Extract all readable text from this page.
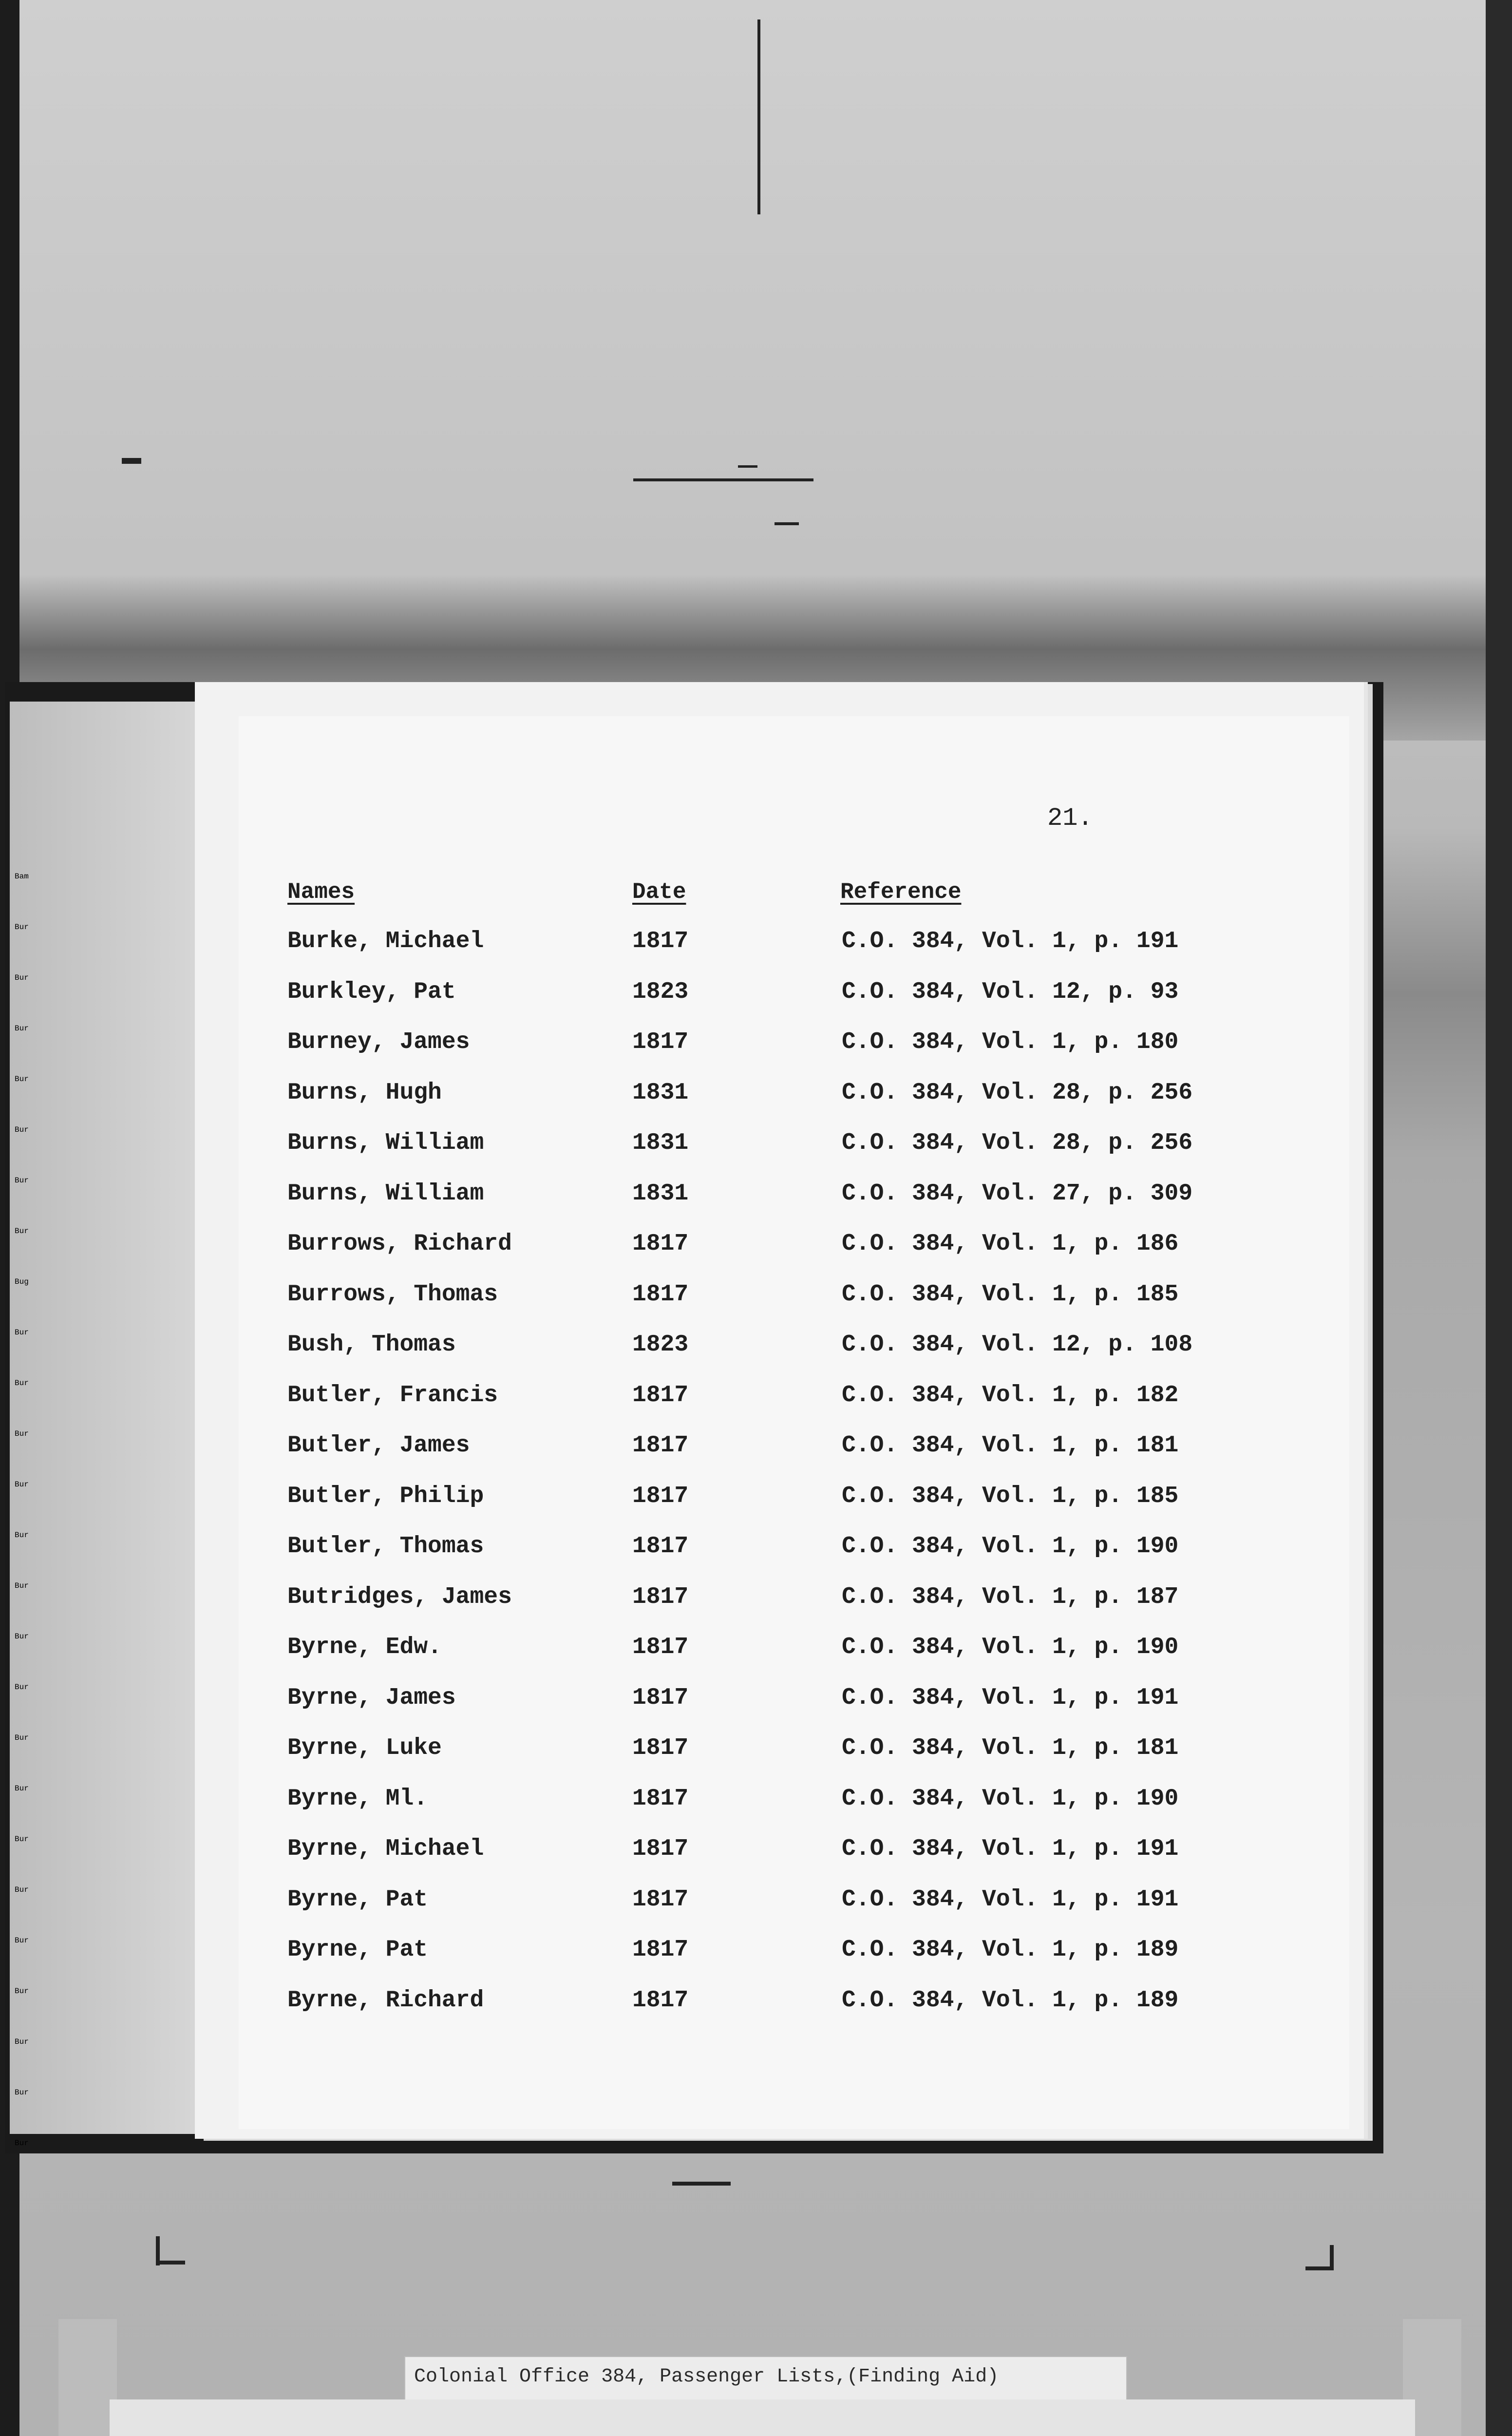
Bam
Bur
Bur
Bur
Bur
Bur
Bur
Bur
Bug
Bur
Bur
Bur
Bur
Bur
Bur
Bur
Bur
Bur
Bur
Bur
Bur
Bur
Bur
Bur
Bur
Bur
21.
Names	Date	Reference
Burke, Michael	1817	C.O. 384, Vol. 1, p. 191
Burkley, Pat	1823	C.O. 384, Vol. 12, p. 93
Burney, James	1817	C.O. 384, Vol. 1, p. 180
Burns, Hugh	1831	C.O. 384, Vol. 28, p. 256
Burns, William	1831	C.O. 384, Vol. 28, p. 256
Burns, William	1831	C.O. 384, Vol. 27, p. 309
Burrows, Richard	1817	C.O. 384, Vol. 1, p. 186
Burrows, Thomas	1817	C.O. 384, Vol. 1, p. 185
Bush, Thomas	1823	C.O. 384, Vol. 12, p. 108
Butler, Francis	1817	C.O. 384, Vol. 1, p. 182
Butler, James	1817	C.O. 384, Vol. 1, p. 181
Butler, Philip	1817	C.O. 384, Vol. 1, p. 185
Butler, Thomas	1817	C.O. 384, Vol. 1, p. 190
Butridges, James	1817	C.O. 384, Vol. 1, p. 187
Byrne, Edw.	1817	C.O. 384, Vol. 1, p. 190
Byrne, James	1817	C.O. 384, Vol. 1, p. 191
Byrne, Luke	1817	C.O. 384, Vol. 1, p. 181
Byrne, Ml.	1817	C.O. 384, Vol. 1, p. 190
Byrne, Michael	1817	C.O. 384, Vol. 1, p. 191
Byrne, Pat	1817	C.O. 384, Vol. 1, p. 191
Byrne, Pat	1817	C.O. 384, Vol. 1, p. 189
Byrne, Richard	1817	C.O. 384, Vol. 1, p. 189
Colonial Office 384, Passenger Lists,(Finding Aid)
